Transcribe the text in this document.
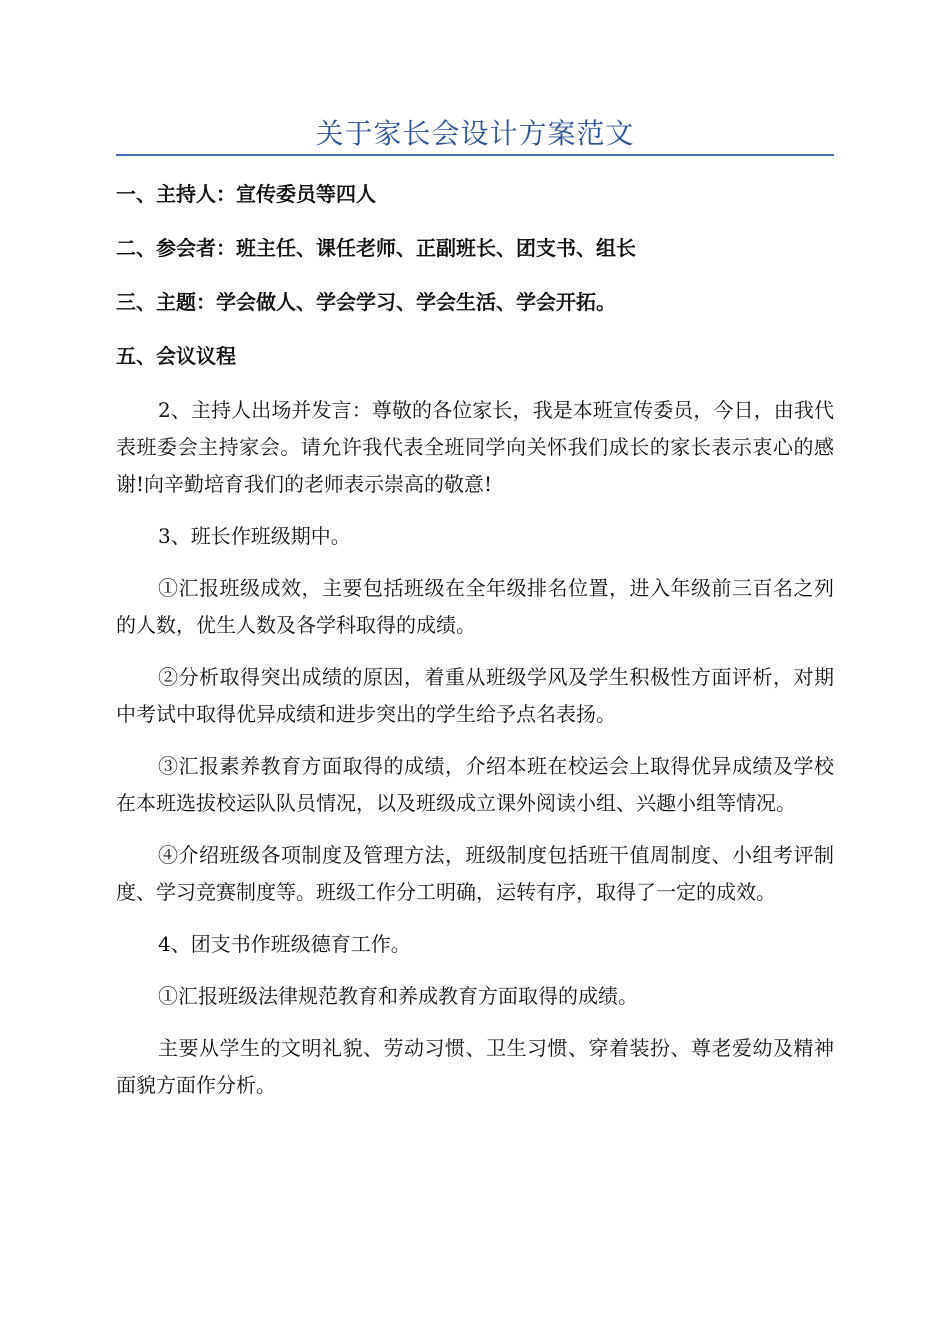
关于家长会设计方案范文
一、主持人：宣传委员等四人
二、参会者：班主任、课任老师、正副班长、团支书、组长
三、主题：学会做人、学会学习、学会生活、学会开拓。
五、会议议程

2、主持人出场并发言：尊敬的各位家长，我是本班宣传委员，今日，由我代表班委会主持家会。请允许我代表全班同学向关怀我们成长的家长表示衷心的感谢!向辛勤培育我们的老师表示崇高的敬意!

3、班长作班级期中。

①汇报班级成效，主要包括班级在全年级排名位置，进入年级前三百名之列的人数，优生人数及各学科取得的成绩。

②分析取得突出成绩的原因，着重从班级学风及学生积极性方面评析，对期中考试中取得优异成绩和进步突出的学生给予点名表扬。

③汇报素养教育方面取得的成绩，介绍本班在校运会上取得优异成绩及学校在本班选拔校运队队员情况，以及班级成立课外阅读小组、兴趣小组等情况。

④介绍班级各项制度及管理方法，班级制度包括班干值周制度、小组考评制度、学习竞赛制度等。班级工作分工明确，运转有序，取得了一定的成效。

4、团支书作班级德育工作。

①汇报班级法律规范教育和养成教育方面取得的成绩。

主要从学生的文明礼貌、劳动习惯、卫生习惯、穿着装扮、尊老爱幼及精神面貌方面作分析。
